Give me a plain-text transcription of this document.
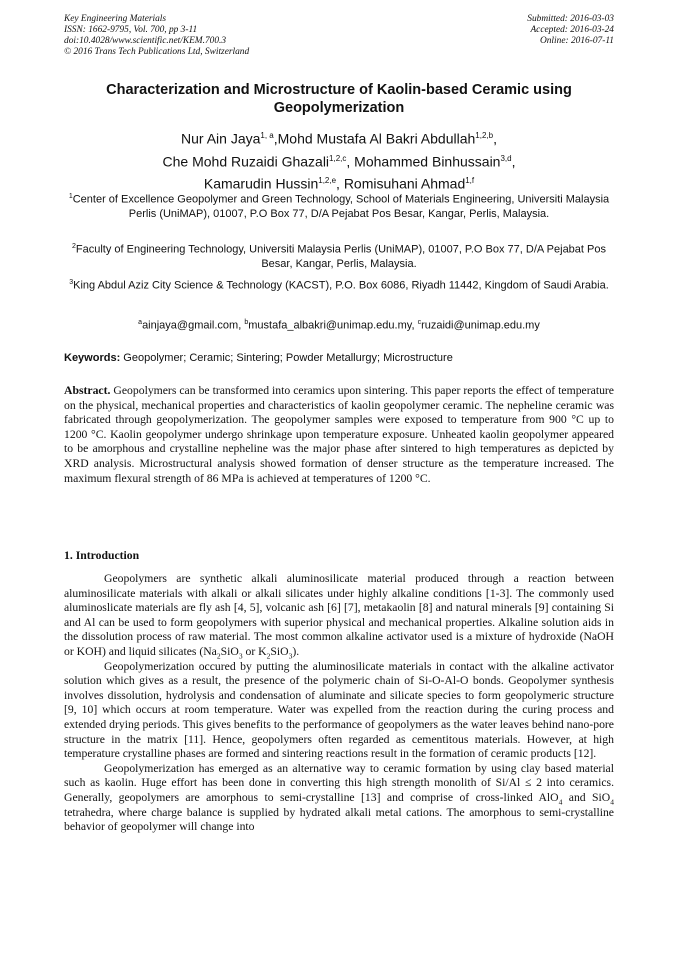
Key Engineering Materials
ISSN: 1662-9795, Vol. 700, pp 3-11
doi:10.4028/www.scientific.net/KEM.700.3
© 2016 Trans Tech Publications Ltd, Switzerland
Submitted: 2016-03-03
Accepted: 2016-03-24
Online: 2016-07-11
Characterization and Microstructure of Kaolin-based Ceramic using Geopolymerization
Nur Ain Jaya$^{1, a}$,Mohd Mustafa Al Bakri Abdullah$^{1,2,b}$,
Che Mohd Ruzaidi Ghazali$^{1,2,c}$, Mohammed Binhussain$^{3,d}$,
Kamarudin Hussin$^{1,2,e}$, Romisuhani Ahmad$^{1,f}$
$^1$Center of Excellence Geopolymer and Green Technology, School of Materials Engineering, Universiti Malaysia Perlis (UniMAP), 01007, P.O Box 77, D/A Pejabat Pos Besar, Kangar, Perlis, Malaysia.
$^2$Faculty of Engineering Technology, Universiti Malaysia Perlis (UniMAP), 01007, P.O Box 77, D/A Pejabat Pos Besar, Kangar, Perlis, Malaysia.
$^3$King Abdul Aziz City Science & Technology (KACST), P.O. Box 6086, Riyadh 11442, Kingdom of Saudi Arabia.
$^a$ainjaya@gmail.com, $^b$mustafa_albakri@unimap.edu.my, $^c$ruzaidi@unimap.edu.my
Keywords: Geopolymer; Ceramic; Sintering; Powder Metallurgy; Microstructure
Abstract. Geopolymers can be transformed into ceramics upon sintering. This paper reports the effect of temperature on the physical, mechanical properties and characteristics of kaolin geopolymer ceramic. The nepheline ceramic was fabricated through geopolymerization. The geopolymer samples were exposed to temperature from 900 °C up to 1200 °C. Kaolin geopolymer undergo shrinkage upon temperature exposure. Unheated kaolin geopolymer appeared to be amorphous and crystalline nepheline was the major phase after sintered to high temperatures as depicted by XRD analysis. Microstructural analysis showed formation of denser structure as the temperature increased. The maximum flexural strength of 86 MPa is achieved at temperatures of 1200 °C.
1. Introduction

Geopolymers are synthetic alkali aluminosilicate material produced through a reaction between aluminosilicate materials with alkali or alkali silicates under highly alkaline conditions [1-3]. The commonly used aluminoslicate materials are fly ash [4, 5], volcanic ash [6] [7], metakaolin [8] and natural minerals [9] containing Si and Al can be used to form geopolymers with superior physical and mechanical properties. Alkaline solution aids in the dissolution process of raw material. The most common alkaline activator used is a mixture of hydroxide (NaOH or KOH) and liquid silicates ($Na_2SiO_3$ or $K_2SiO_3$).

Geopolymerization occured by putting the aluminosilicate materials in contact with the alkaline activator solution which gives as a result, the presence of the polymeric chain of Si-O-Al-O bonds. Geopolymer synthesis involves dissolution, hydrolysis and condensation of aluminate and silicate species to form geopolymeric structure [9, 10] which occurs at room temperature. Water was expelled from the reaction during the curing process and extended drying periods. This gives benefits to the performance of geopolymers as the water leaves behind nano-pore structure in the matrix [11]. Hence, geopolymers often regarded as cementitous materials. However, at high temperature crystalline phases are formed and sintering reactions result in the formation of ceramic products [12].

Geopolymerization has emerged as an alternative way to ceramic formation by using clay based material such as kaolin. Huge effort has been done in converting this high strength monolith of Si/Al ≤ 2 into ceramics. Generally, geopolymers are amorphous to semi-crystalline [13] and comprise of cross-linked AlO$_4$ and SiO$_4$ tetrahedra, where charge balance is supplied by hydrated alkali metal cations. The amorphous to semi-crystalline behavior of geopolymer will change into
